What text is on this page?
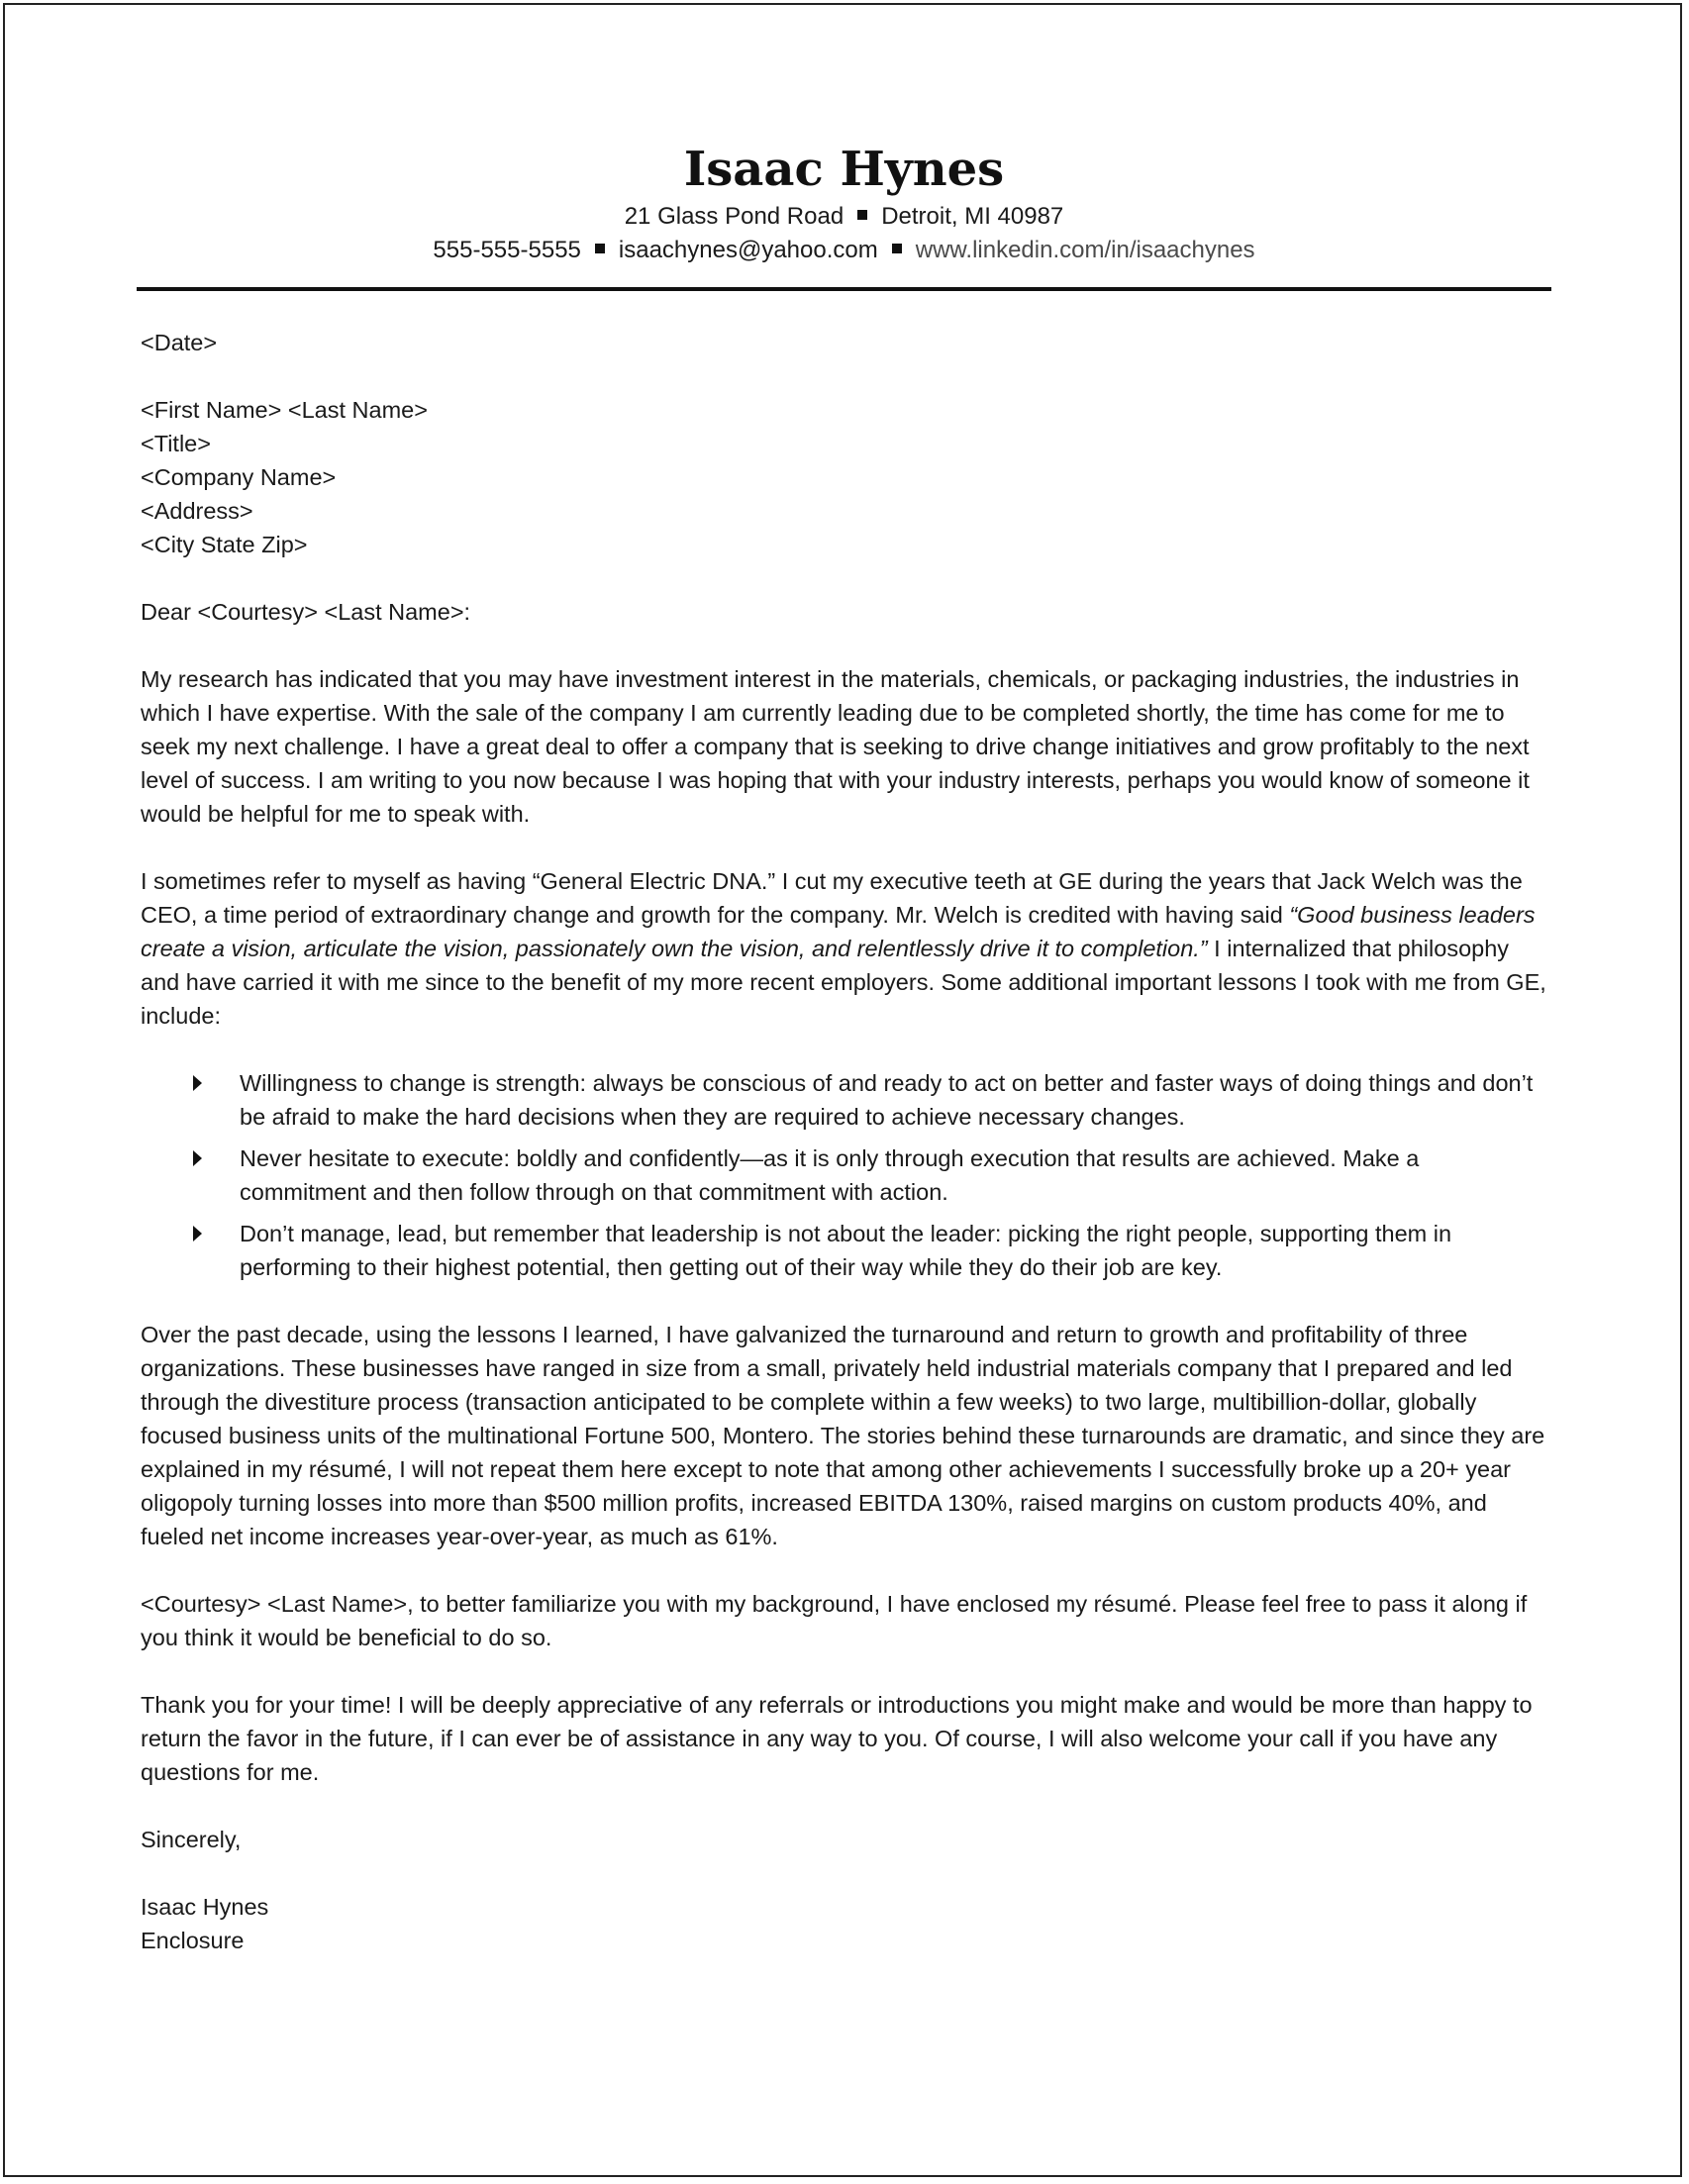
Isaac Hynes
21 Glass Pond Road Detroit, MI 40987
555-555-5555 isaachynes@yahoo.com www.linkedin.com/in/isaachynes

<Date>

<First Name> <Last Name>
<Title>
<Company Name>
<Address>
<City State Zip>

Dear <Courtesy> <Last Name>:

My research has indicated that you may have investment interest in the materials, chemicals, or packaging industries, the industries in which I have expertise. With the sale of the company I am currently leading due to be completed shortly, the time has come for me to seek my next challenge. I have a great deal to offer a company that is seeking to drive change initiatives and grow profitably to the next level of success. I am writing to you now because I was hoping that with your industry interests, perhaps you would know of someone it would be helpful for me to speak with.

I sometimes refer to myself as having “General Electric DNA.” I cut my executive teeth at GE during the years that Jack Welch was the CEO, a time period of extraordinary change and growth for the company. Mr. Welch is credited with having said “Good business leaders create a vision, articulate the vision, passionately own the vision, and relentlessly drive it to completion.” I internalized that philosophy and have carried it with me since to the benefit of my more recent employers. Some additional important lessons I took with me from GE, include:

Willingness to change is strength: always be conscious of and ready to act on better and faster ways of doing things and don’t be afraid to make the hard decisions when they are required to achieve necessary changes.
Never hesitate to execute: boldly and confidently—as it is only through execution that results are achieved. Make a commitment and then follow through on that commitment with action.
Don’t manage, lead, but remember that leadership is not about the leader: picking the right people, supporting them in performing to their highest potential, then getting out of their way while they do their job are key.

Over the past decade, using the lessons I learned, I have galvanized the turnaround and return to growth and profitability of three organizations. These businesses have ranged in size from a small, privately held industrial materials company that I prepared and led through the divestiture process (transaction anticipated to be complete within a few weeks) to two large, multibillion-dollar, globally focused business units of the multinational Fortune 500, Montero. The stories behind these turnarounds are dramatic, and since they are explained in my résumé, I will not repeat them here except to note that among other achievements I successfully broke up a 20+ year oligopoly turning losses into more than $500 million profits, increased EBITDA 130%, raised margins on custom products 40%, and fueled net income increases year-over-year, as much as 61%.

<Courtesy> <Last Name>, to better familiarize you with my background, I have enclosed my résumé. Please feel free to pass it along if you think it would be beneficial to do so.

Thank you for your time! I will be deeply appreciative of any referrals or introductions you might make and would be more than happy to return the favor in the future, if I can ever be of assistance in any way to you. Of course, I will also welcome your call if you have any questions for me.

Sincerely,

Isaac Hynes
Enclosure
